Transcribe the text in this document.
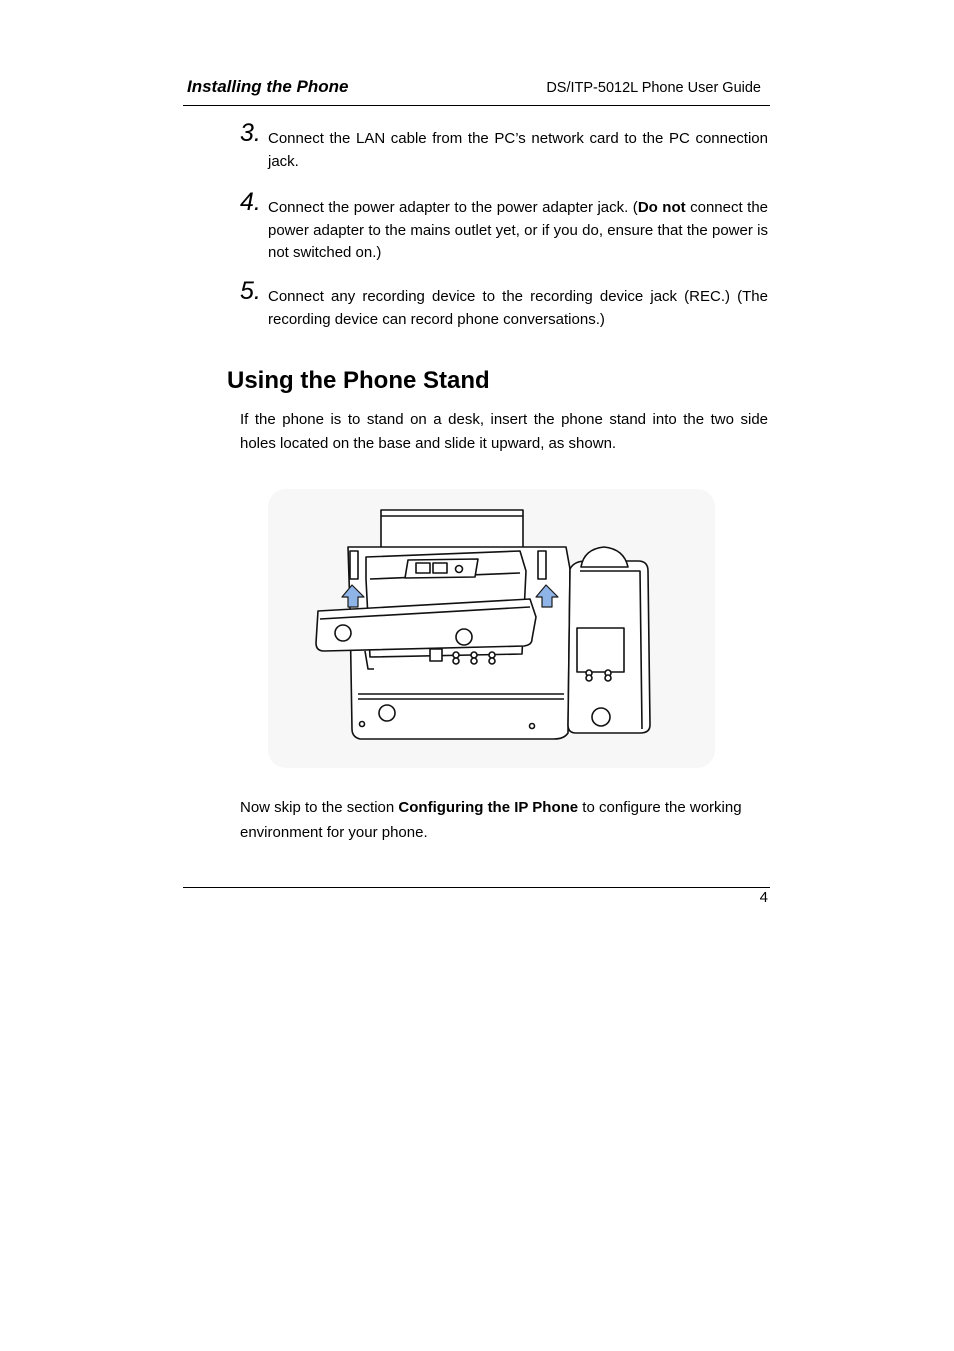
Installing the Phone	DS/ITP-5012L Phone User Guide
3. Connect the LAN cable from the PC’s network card to the PC connection jack.
4. Connect the power adapter to the power adapter jack. (Do not connect the power adapter to the mains outlet yet, or if you do, ensure that the power is not switched on.)
5. Connect any recording device to the recording device jack (REC.) (The recording device can record phone conversations.)
Using the Phone Stand
If the phone is to stand on a desk, insert the phone stand into the two side holes located on the base and slide it upward, as shown.
Now skip to the section Configuring the IP Phone to configure the working environment for your phone.
4
